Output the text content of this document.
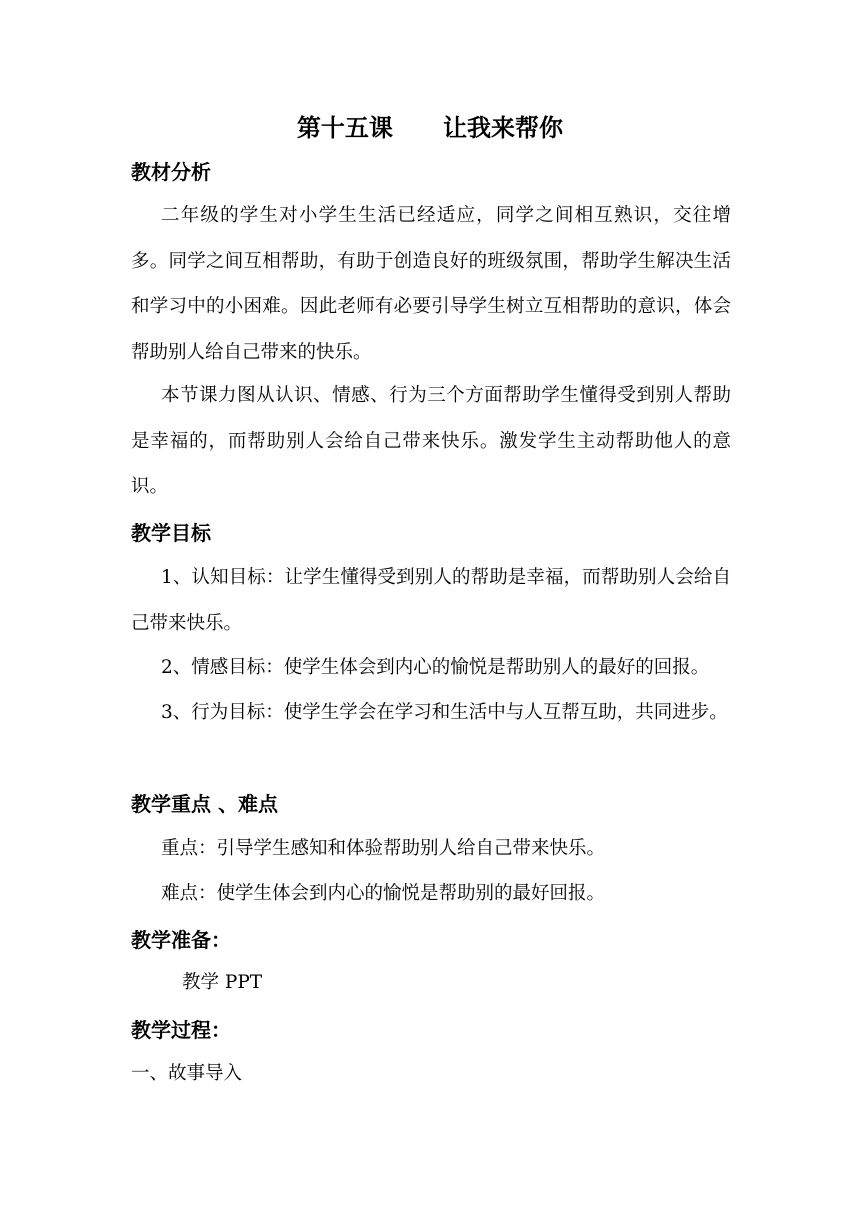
第十五课      让我来帮你
教材分析

二年级的学生对小学生生活已经适应，同学之间相互熟识，交往增多。同学之间互相帮助，有助于创造良好的班级氛围，帮助学生解决生活和学习中的小困难。因此老师有必要引导学生树立互相帮助的意识，体会帮助别人给自己带来的快乐。

本节课力图从认识、情感、行为三个方面帮助学生懂得受到别人帮助是幸福的，而帮助别人会给自己带来快乐。激发学生主动帮助他人的意识。

教学目标

1、认知目标：让学生懂得受到别人的帮助是幸福，而帮助别人会给自己带来快乐。

2、情感目标：使学生体会到内心的愉悦是帮助别人的最好的回报。

3、行为目标：使学生学会在学习和生活中与人互帮互助，共同进步。

教学重点 、难点
重点：引导学生感知和体验帮助别人给自己带来快乐。
难点：使学生体会到内心的愉悦是帮助别的最好回报。
教学准备：
教学 PPT
教学过程：
一、故事导入
